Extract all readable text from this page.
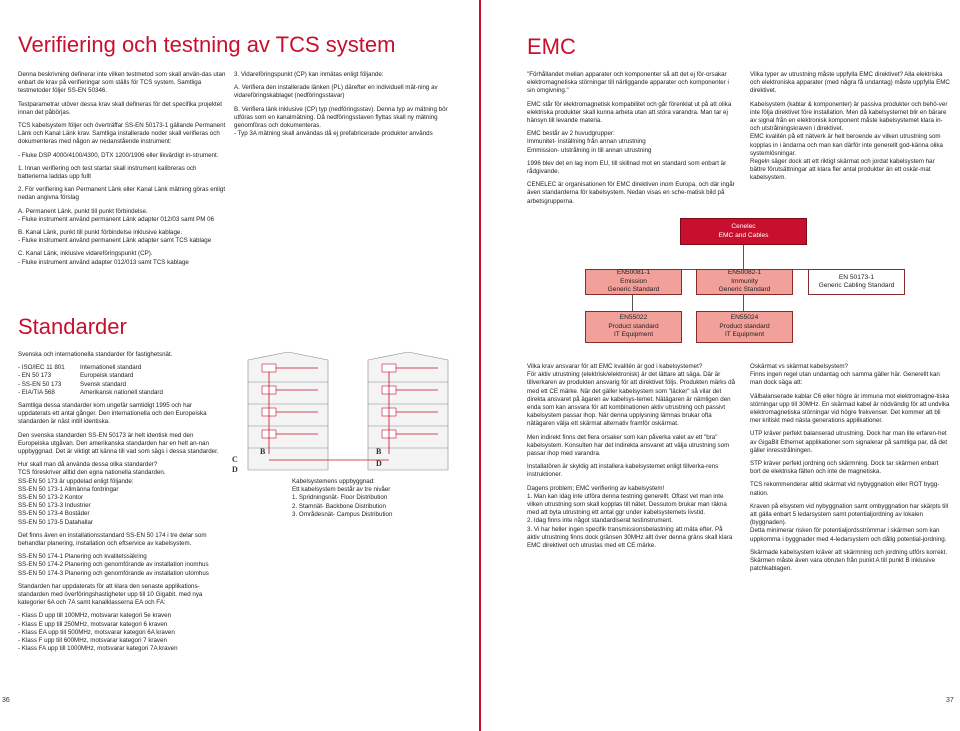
Verifiering och testning av TCS system

Denna beskrivning definerar inte vilken testmetod som skall använ-das utan enbart de krav på verifieringar som ställs för TCS system. Samtliga testmetoder följer SS-EN 50346.

Testparametrar utöver dessa krav skall defineras för det specifika projektet innan det påbörjas.

TCS kabelsystem följer och överträffar SS-EN 50173-1 gällande Permanent Länk och Kanal Länk krav. Samtliga installerade noder skall verifieras och dokumenteras med någon av nedanstående instrument:

- Fluke DSP 4000/4100/4300, DTX 1200/1906 eller likvärdigt in-strument.

1. Innan verifiering och test startar skall instrument kalibreras och batterierna laddas upp fullt

2. För verifiering kan Permanent Länk eller Kanal Länk mätning göras enligt nedan angivna förslag

A. Permanent Länk, punkt till punkt förbindelse.

- Fluke instrument använd permanent Länk adapter 012/03 samt PM 06

B. Kanal Länk, punkt till punkt förbindelse inklusive kablage.

- Fluke instrument använd permanent Länk adapter samt TCS kablage

C. Kanal Länk, inklusive vidareföringspunkt (CP).

- Fluke instrument använd adapter 012/013 samt TCS kablage

3. Vidareföringspunkt (CP) kan inmätas enligt följande:

A. Verifiera den installerade länken (PL) därefter en individuell mät-ning av vidareföringskablaget (nedföringsstavar)

B. Verifiera länk inklusive (CP) typ (nedföringsstav). Denna typ av mätning bör utföras som en kanalmätning. Då nedföringsstaven flyttas skall ny mätning genomföras och dokumenteras.

- Typ 3A mätning skall användas då ej prefabricerade produkter används

Standarder

Svenska och internationella standarder för fastighetsnät.

- ISO/IEC 11 801 Internationell standard
- EN 50 173	Europeisk standard
- SS-EN 50 173	Svensk standard
- EIA/TIA 568	Amerikansk nationell standard

Samtliga dessa standarder kom ungefär samtidigt 1995 och har uppdaterats ett antal gånger. Den internationella och den Europeiska standarden är näst intill identiska.

Den svenska standarden SS-EN 50173 är helt identisk med den Europeiska utgåvan. Den amerikanska standarden har en helt an-nan uppbyggnad. Det är viktigt att känna till vad som sägs i dessa standarder.

Hur skall man då använda dessa olika standarder?

TCS föreskriver alltid den egna nationella standarden.

SS-EN 50 173 är uppdelad enligt följande:

SS-EN 50 173-1 Allmänna fordringar

SS-EN 50 173-2 Kontor

SS-EN 50 173-3 Industrier

SS-EN 50 173-4 Bostäder

SS-EN 50 173-5 Datahallar

Det finns även en installationsstandard SS-EN 50 174 i tre delar som behandlar planering, installation och eftservice av kabelsystem.

SS-EN 50 174-1 Planering och kvalitetssäkring

SS-EN 50 174-2 Planering och genomförande av installation inomhus

SS-EN 50 174-3 Planering och genomförande av installation utomhus

Standarden har uppdaterats för att klara den senaste applikations-standarden med överföringshastigheter upp till 10 Gigabit. med nya kategorier 6A och 7A samt kanalklasserna EA och FA:

- Klass D upp till 100MHz, motsvarar kategori 5e kraven
- Klass E upp till 250MHz, motsvarar kategori 6 kraven
- Klass EA upp till 500MHz, motsvarar kategori 6A kraven
- Klass F upp till 600MHz, motsvarar kategori 7 kraven
- Klass FA upp till 1000MHz, motsvarar kategori 7A kraven
C
D
B	B
D
Kabelsystemens uppbyggnad:
Ett kabelsystem består av tre nivåer
1. Spridningsnät- Floor Distribution
2. Stamnät- Backbone Distribution
3. Områdesnät- Campus Distribution
36
EMC

"Förhållandet mellan apparater och komponenter så att det ej för-orsakar elektromagnetiska störningar till närliggande apparater och komponenter i sin omgivning."

EMC står för elektromagnetisk kompabilitet och går förenklat ut på att olika elektriska produkter skall kunna arbeta utan att störa varandra. Man tar ej hänsyn till levande materia.

EMC består av 2 huvudgrupper:

Immunitet- inställning från annan utrustning

Emmission- utstrålning in till annan utrustning

1996 blev det en lag inom EU, till skillnad mot en standard som enbart är rådgivande.

CENELEC är organisationen för EMC direktiven inom Europa, och där ingår även standarderna för kabelsystem. Nedan visas en sche-matisk bild på arbetsgrupperna.

Vilka typer av utrustning måste uppfylla EMC direktivet? Alla elektriska och elektroniska apparater (med några få undantag) måste uppfylla EMC direktivet.

Kabelsystem (kablar & komponenter) är passiva produkter och behö-ver inte följa direktivet före installation. Men då kabelsystemet blir en bärare av signal från en elektronisk komponent måste kabelsystemet klara in- och utstrålningskraven i direktivet.

EMC kvalitén på ett nätverk är helt beroende av vilken utrustning som kopplas in i ändarna och man kan därför inte generellt god-känna olika systemlösningar.

Regeln säger dock att ett riktigt skärmat och jordat kabelsystem har bättre förutsättningar att klara fler antal produkter än ett oskär-mat kabelsystem.

Cenelec
EMC and Cables
EN50081-1
Emission
Generic Standard
EN50082-1
Immunity
Generic Standard
EN 50173-1
Generic Cabling Standard
EN55022
Product standard
IT Equipment
EN55024
Product standard
IT Equipment

Vilka krav ansvarar för att EMC kvalitén är god i kabelsystemet?

För aktiv utrustning (elektrisk/elektronisk) är det lättare att säga. Där är tillverkaren av produkten ansvarig för att direktivet följs. Produkten märks då med ett CE märke. När det gäller kabelsystem som "läcker" så vilar det direkta ansvaret på ägaren av kabelsys-temet. Nätägaren är nämligen den enda som kan ansvara för att kombinationen aktiv utrustning och passivt kabelsystem passar ihop. När denna upplysning lämnas brukar ofta nätägaren välja ett skärmat alternativ framför oskärmat.

Men indirekt finns det flera orsaker som kan påverka valet av ett "bra" kabelsystem. Konsulten har det indirekta ansvaret att välja utrustning som passar ihop med varandra.

Installatören är skyldig att installera kabelsystemet enligt tillverka-rens instruktioner.

Dagens problem; EMC verifiering av kabelsystem!

1. Man kan idag inte utföra denna testning generellt. Oftast vet man inte vilken utrustning som skall kopplas till nätet. Dessutom brukar man räkna med att byta utrustning ett antal ggr under kabelsystemets livstid.

2. Idag finns inte något standardiserat testinstrument.

3. Vi har heller ingen specifik transmissionsbelastning att mäta efter. På aktiv utrustning finns dock gränsen 30MHz allt över denna gräns skall klara EMC direktivet och utrustas med ett CE märke.

Oskärmat vs skärmat kabelsystem?

Finns ingen regel utan undantag och samma gäller här. Generellt kan man dock säga att:

Välbalanserade kablar C6 eller högre är immuna mot elektromagne-tiska störningar upp till 30MHz. En skärmad kabel är nödvändig för att undvika elektromagnetiska störningar vid högre frekvenser. Det kommer att bli mer kritiskt med nästa generations applikationer.

UTP kräver perfekt balanserad utrustning. Dock har man lite erfaren-het av GigaBit Ethernet applikationer som signalerar på samtliga par, då det gäller inresstrålningen.

STP kräver perfekt jordning och skärmning. Dock tar skärmen enbart bort de elektriska fälten och inte de magnetiska.

TCS rekommenderar alltid skärmat vid nybyggnation eller ROT bygg-nation.

Kraven på elsystem vid nybyggnation samt ombyggnation har skärpts till att gälla enbart 5 ledarsystem samt potentialjordning av lokalen (byggnaden).

Detta minimerar risken för potentialjordsströmmar i skärmen som kan uppkomma i byggnader med 4-ledarsystem och dålig potential-jordning.

Skärmade kabelsystem kräver att skärmning och jordning utförs korrekt. Skärmen måste även vara obruten från punkt A till punkt B inklusive patchkablagen.

37
